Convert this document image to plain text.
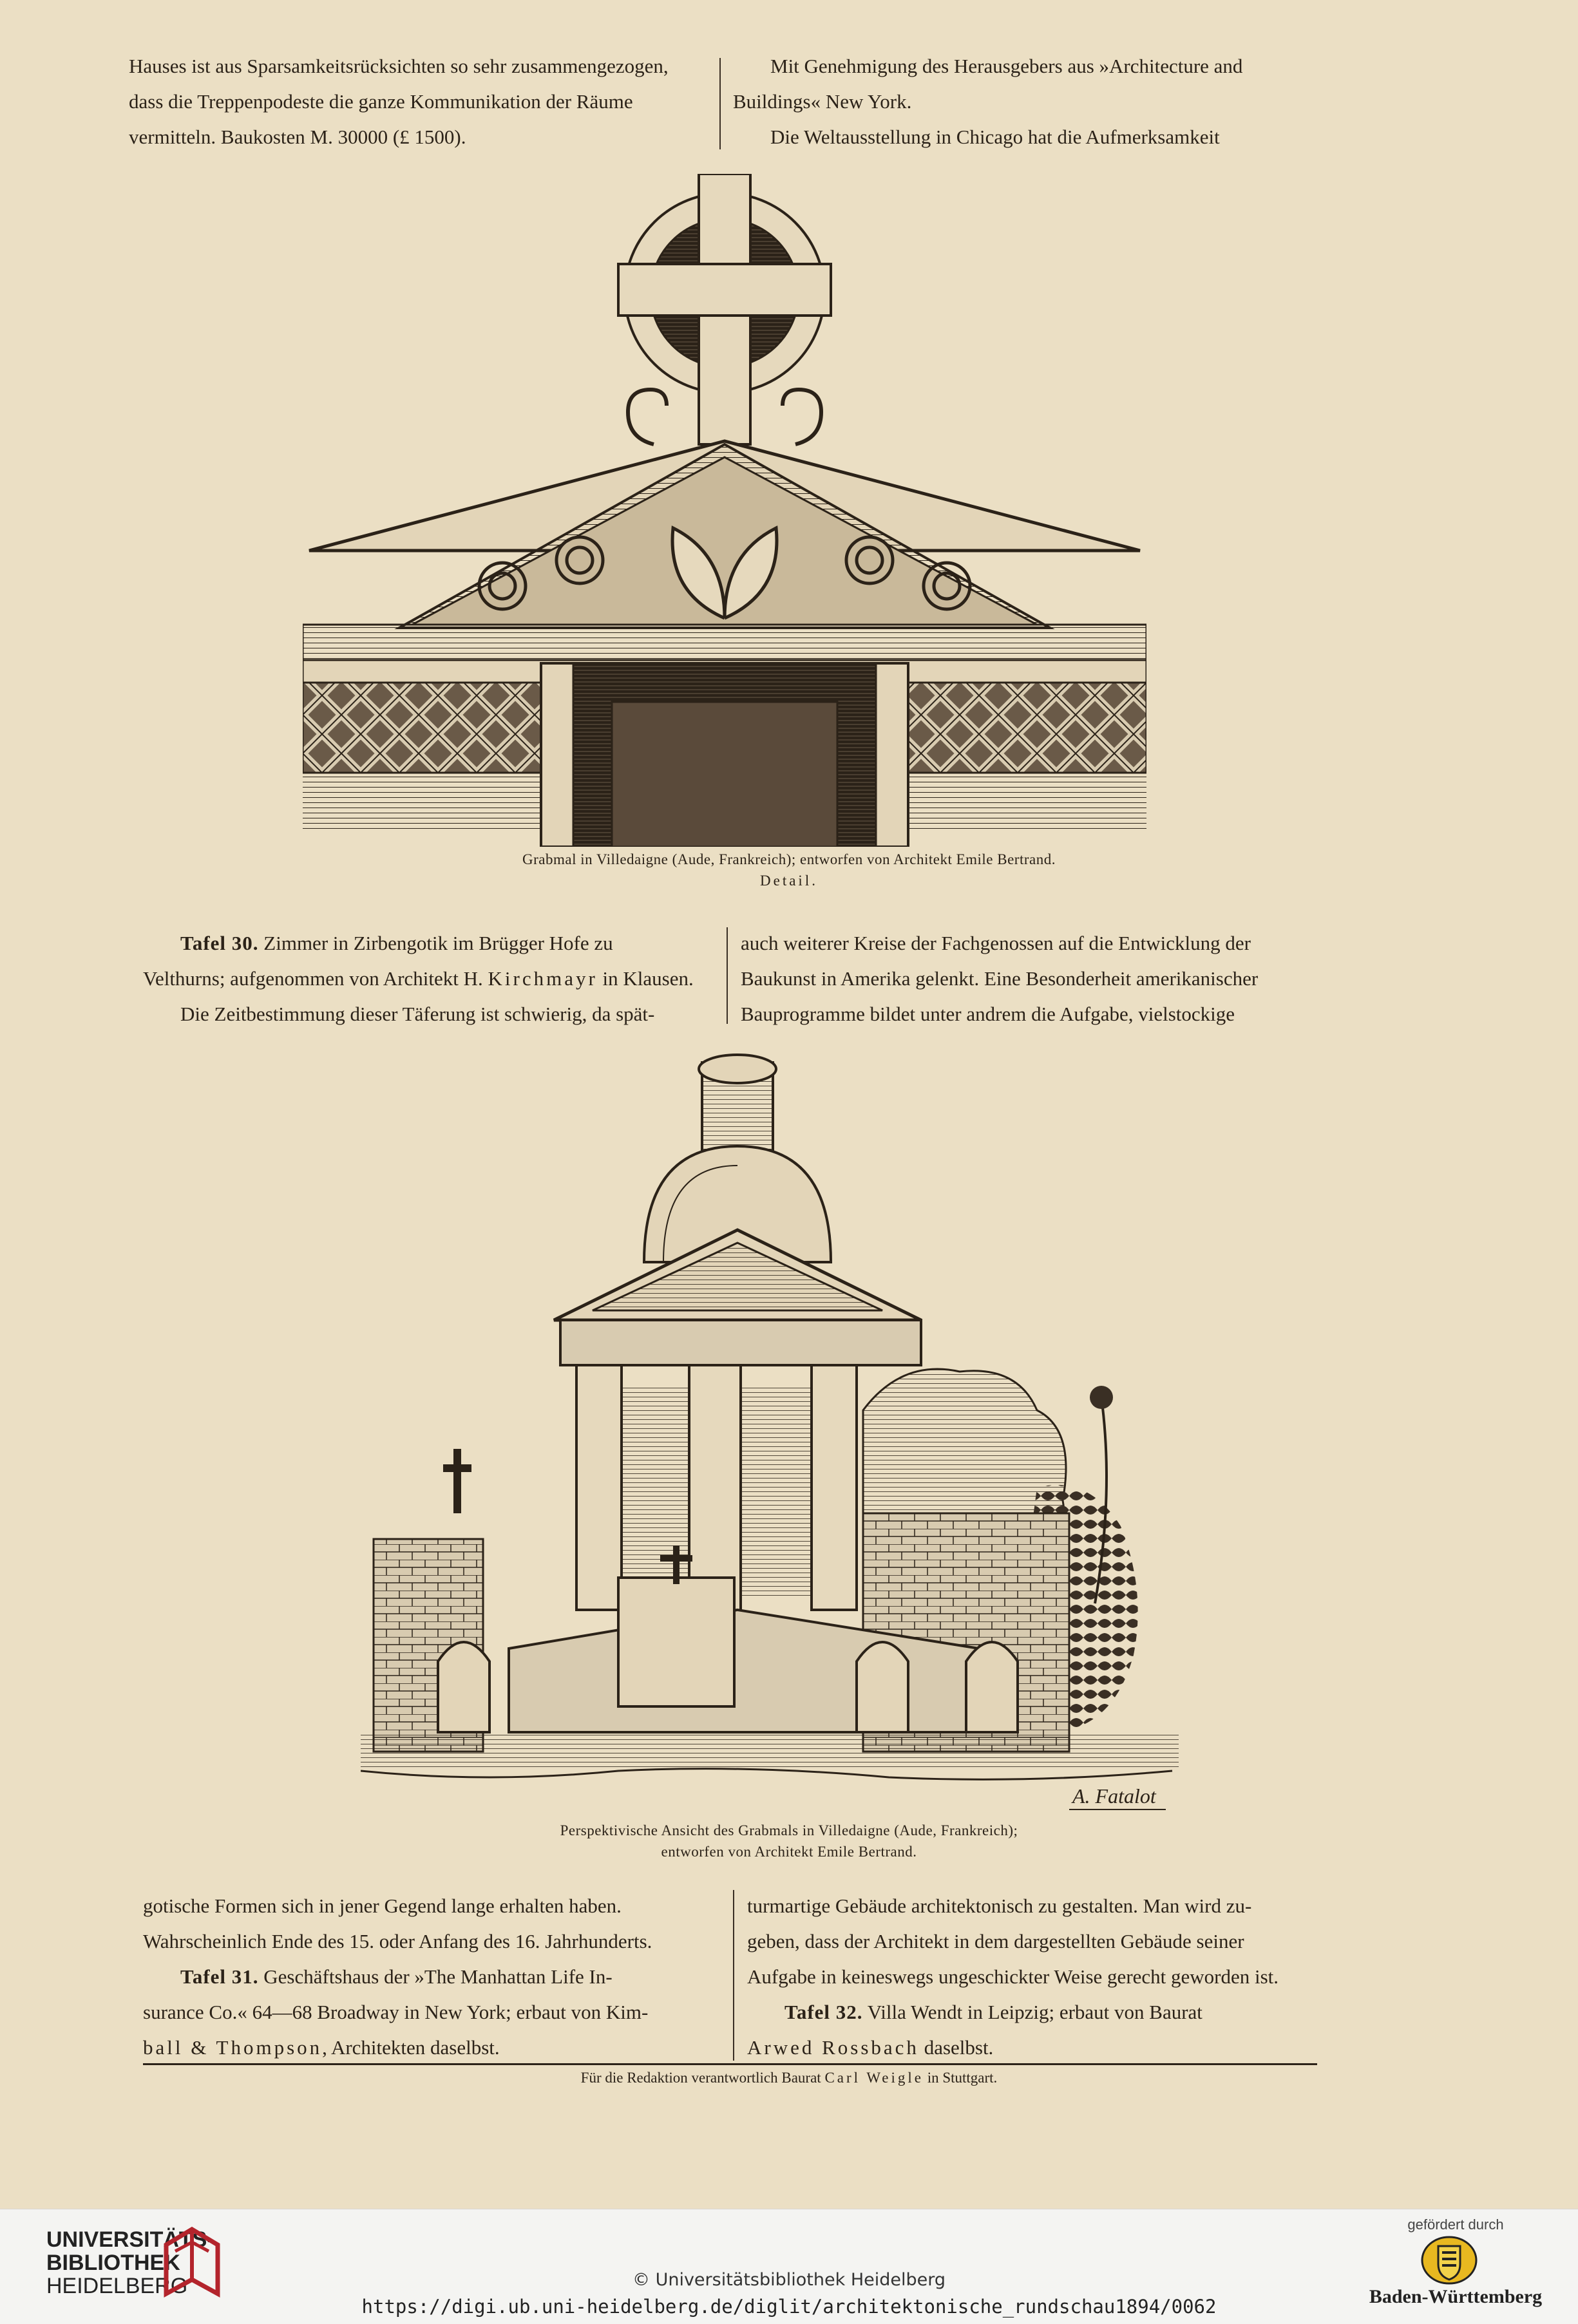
Hauses ist aus Sparsamkeitsrücksichten so sehr zusammengezogen,

dass die Treppenpodeste die ganze Kommunikation der Räume

vermitteln. Baukosten M. 30000 (£ 1500).

Mit Genehmigung des Herausgebers aus »Architecture and

Buildings« New York.

Die Weltausstellung in Chicago hat die Aufmerksamkeit

Grabmal in Villedaigne (Aude, Frankreich); entworfen von Architekt Emile Bertrand.
Detail.

Tafel 30. Zimmer in Zirbengotik im Brügger Hofe zu

Velthurns; aufgenommen von Architekt H. Kirchmayr in Klausen.

Die Zeitbestimmung dieser Täferung ist schwierig, da spät-

auch weiterer Kreise der Fachgenossen auf die Entwicklung der

Baukunst in Amerika gelenkt. Eine Besonderheit amerikanischer

Bauprogramme bildet unter andrem die Aufgabe, vielstockige

A. Fatalot
Perspektivische Ansicht des Grabmals in Villedaigne (Aude, Frankreich);
entworfen von Architekt Emile Bertrand.

gotische Formen sich in jener Gegend lange erhalten haben.

Wahrscheinlich Ende des 15. oder Anfang des 16. Jahrhunderts.

Tafel 31. Geschäftshaus der »The Manhattan Life In-

surance Co.« 64—68 Broadway in New York; erbaut von Kim-

ball & Thompson, Architekten daselbst.

turmartige Gebäude architektonisch zu gestalten. Man wird zu-

geben, dass der Architekt in dem dargestellten Gebäude seiner

Aufgabe in keineswegs ungeschickter Weise gerecht geworden ist.

Tafel 32. Villa Wendt in Leipzig; erbaut von Baurat

Arwed Rossbach daselbst.

Für die Redaktion verantwortlich Baurat Carl Weigle in Stuttgart.
UNIVERSITÄTS-
BIBLIOTHEK
HEIDELBERG	© Universitätsbibliothek Heidelberg
https://digi.ub.uni-heidelberg.de/diglit/architektonische_rundschau1894/0062
gefördert durch
Baden-Württemberg
